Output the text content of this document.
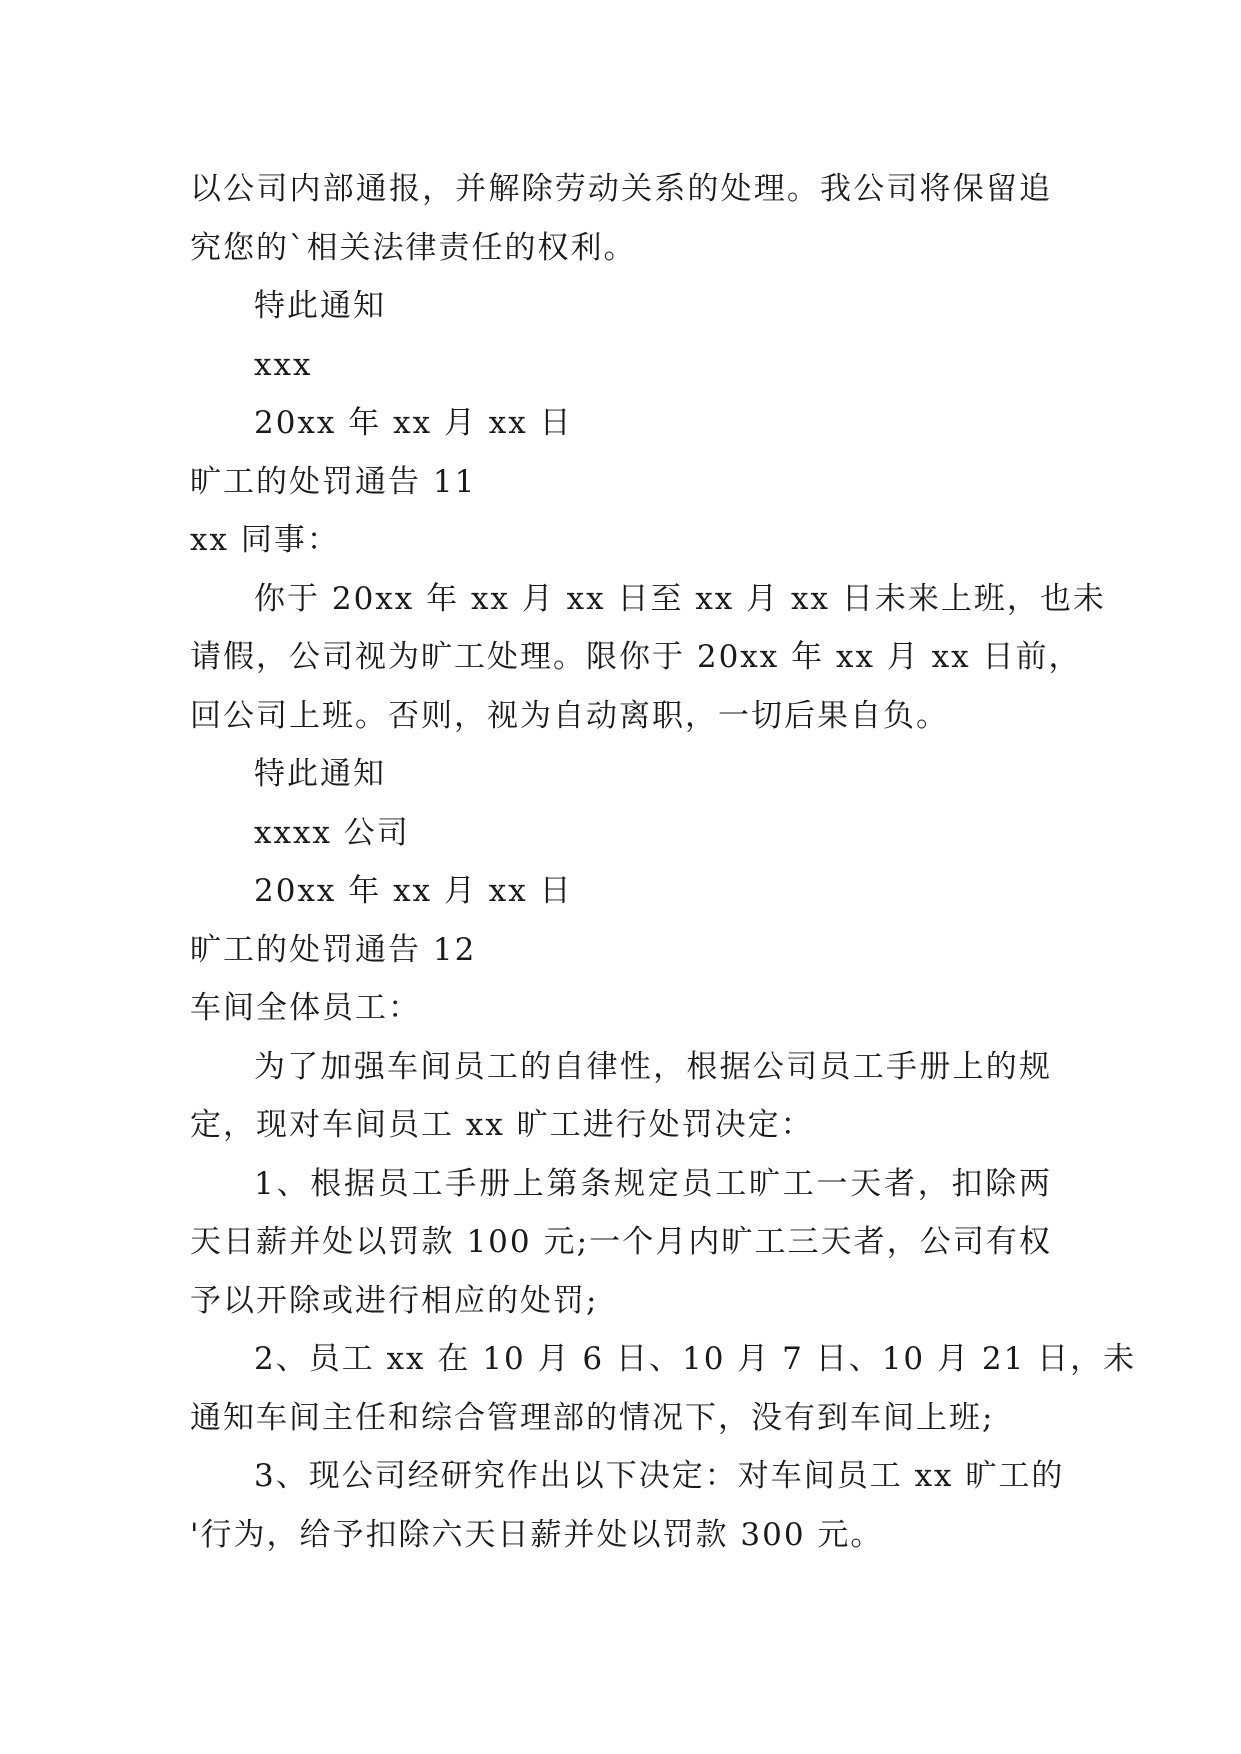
以公司内部通报，并解除劳动关系的处理。我公司将保留追
究您的`相关法律责任的权利。
特此通知
xxx
20xx 年 xx 月 xx 日
旷工的处罚通告 11
xx 同事：
你于 20xx 年 xx 月 xx 日至 xx 月 xx 日未来上班，也未
请假，公司视为旷工处理。限你于 20xx 年 xx 月 xx 日前，
回公司上班。否则，视为自动离职，一切后果自负。
特此通知
xxxx 公司
20xx 年 xx 月 xx 日
旷工的处罚通告 12
车间全体员工：
为了加强车间员工的自律性，根据公司员工手册上的规
定，现对车间员工 xx 旷工进行处罚决定：
1、根据员工手册上第条规定员工旷工一天者，扣除两
天日薪并处以罚款 100 元;一个月内旷工三天者，公司有权
予以开除或进行相应的处罚;
2、员工 xx 在 10 月 6 日、10 月 7 日、10 月 21 日，未
通知车间主任和综合管理部的情况下，没有到车间上班;
3、现公司经研究作出以下决定：对车间员工 xx 旷工的
'行为，给予扣除六天日薪并处以罚款 300 元。
